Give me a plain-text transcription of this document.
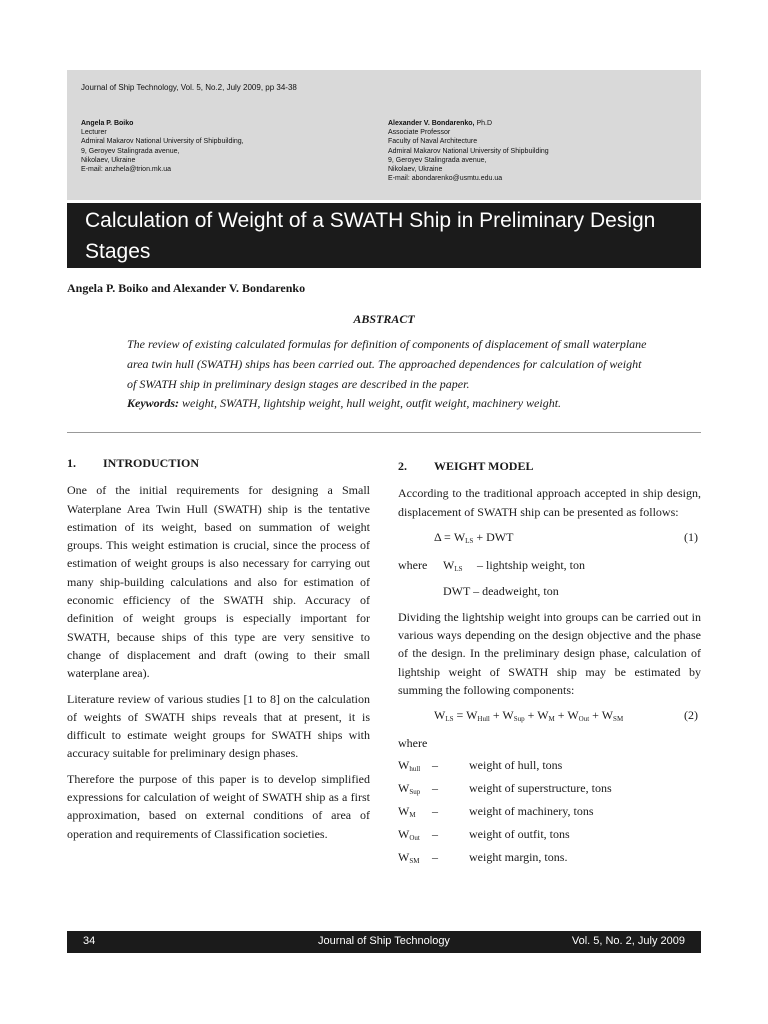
Journal of Ship Technology, Vol. 5, No.2, July 2009, pp 34-38
Angela P. Boiko
Lecturer
Admiral Makarov National University of Shipbuilding,
9, Geroyev Stalingrada avenue,
Nikolaev, Ukraine
E-mail: anzhela@trion.mk.ua
Alexander V. Bondarenko, Ph.D
Associate Professor
Faculty of Naval Architecture
Admiral Makarov National University of Shipbuilding
9, Geroyev Stalingrada avenue,
Nikolaev, Ukraine
E-mail: abondarenko@usmtu.edu.ua
Calculation of Weight of a SWATH Ship in Preliminary Design Stages
Angela P. Boiko and Alexander V. Bondarenko
ABSTRACT
The review of existing calculated formulas for definition of components of displacement of small waterplane area twin hull (SWATH) ships has been carried out. The approached dependences for calculation of weight of SWATH ship in preliminary design stages are described in the paper.
Keywords: weight, SWATH, lightship weight, hull weight, outfit weight, machinery weight.
1. INTRODUCTION
One of the initial requirements for designing a Small Waterplane Area Twin Hull (SWATH) ship is the tentative estimation of its weight, based on summation of weight groups. This weight estimation is crucial, since the process of estimation of weight groups is also necessary for carrying out many ship-building calculations and also for estimation of economic efficiency of the SWATH ship. Accuracy of definition of weight groups is especially important for SWATH, because ships of this type are very sensitive to change of displacement and draft (owing to their small waterplane area).
Literature review of various studies [1 to 8] on the calculation of weights of SWATH ships reveals that at present, it is difficult to estimate weight groups for SWATH ships with accuracy suitable for preliminary design phases.
Therefore the purpose of this paper is to develop simplified expressions for calculation of weight of SWATH ship as a first approximation, based on external conditions of area of operation and requirements of Classification societies.
2. WEIGHT MODEL
According to the traditional approach accepted in ship design, displacement of SWATH ship can be presented as follows:
$\Delta = W_{LS}$ + DWT	(1)
where $W_{LS}$ – lightship weight, ton
DWT – deadweight, ton
Dividing the lightship weight into groups can be carried out in various ways depending on the design objective and the phase of the design. In the preliminary design phase, calculation of lightship weight of SWATH ship may be estimated by summing the following components:
$W_{LS} = W_{Hull} + W_{Sup} + W_M + W_{Out} + W_{SM}$	(2)
where
$W_{hull}$ –	weight of hull, tons
$W_{Sup}$ –	weight of superstructure, tons
$W_M$ –	weight of machinery, tons
$W_{Out}$ –	weight of outfit, tons
$W_{SM}$ –	weight margin, tons.
34	Journal of Ship Technology	Vol. 5, No. 2, July 2009
